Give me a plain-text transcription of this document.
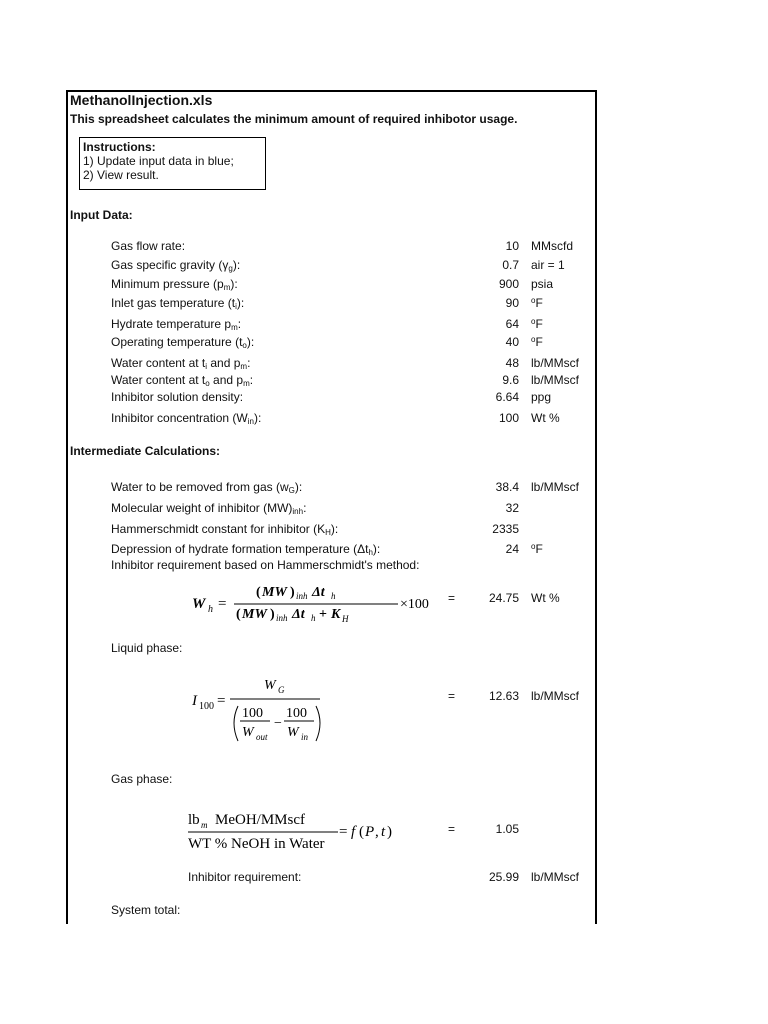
MethanolInjection.xls
This spreadsheet calculates the minimum amount of required inhibotor usage.
Instructions:
1) Update input data in blue;
2) View result.
Input Data:
Gas flow rate:	10 MMscfd
Gas specific gravity $(\gamma_g)$:	0.7 air = 1
Minimum pressure $(p_m)$:	900 psia
Inlet gas temperature $(t_i)$:	90 $^o$F
Hydrate temperature $p_m$:	64 $^o$F
Operating temperature $(t_o)$:	40 $^o$F
Water content at $t_i$ and $p_m$:	48 lb/MMscf
Water content at $t_o$ and $p_m$:	9.6 lb/MMscf
Inhibitor solution density:	6.64 ppg
Inhibitor concentration $(W_{in})$:	100 Wt %
Intermediate Calculations:
Water to be removed from gas $(w_G)$:	38.4 lb/MMscf
Molecular weight of inhibitor $(MW)_{inh}$:	32
Hammerschmidt constant for inhibitor $(K_H)$:	2335
Depression of hydrate formation temperature $(\Delta t_h)$:	24 $^o$F
Inhibitor requirement based on Hammerschmidt's method:
W h =
( MW ) inh Δt h
( MW ) inh Δt h + K H
×100 =	24.75 Wt %
Liquid phase:
I 100 =
W G
100
W out
−
100
W in
=	12.63 lb/MMscf
Gas phase:
lb m MeOH/MMscf
WT % NeOH in Water
= f ( P , t )	=	1.05
Inhibitor requirement:	25.99 lb/MMscf
System total:
